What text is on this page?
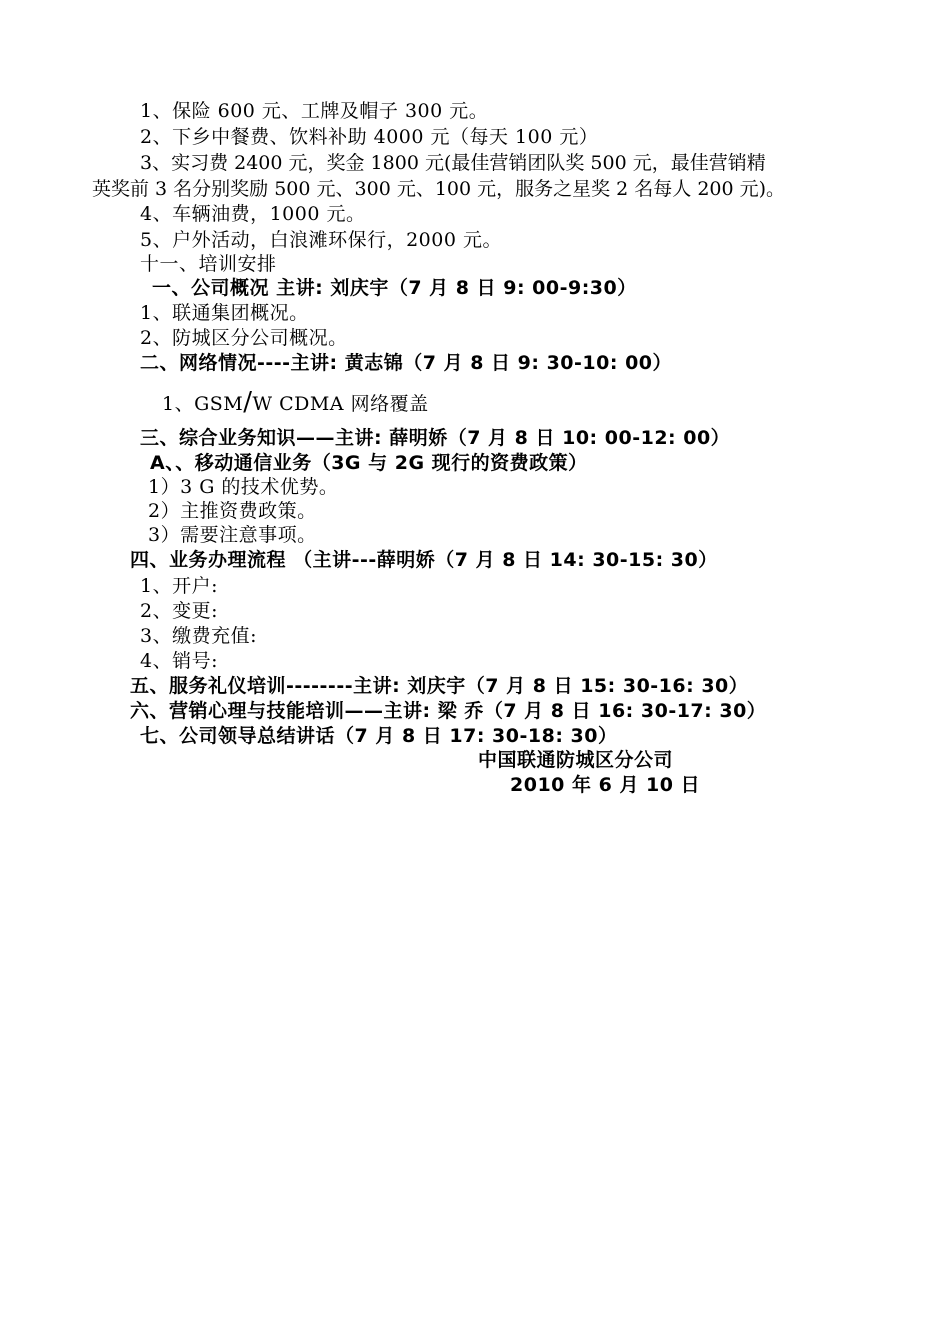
1、保险 600 元、工牌及帽子 300 元。
2、下乡中餐费、饮料补助 4000 元（每天 100 元）
3、实习费 2400 元，奖金 1800 元(最佳营销团队奖 500 元，最佳营销精
英奖前 3 名分别奖励 500 元、300 元、100 元，服务之星奖 2 名每人 200 元)。
4、车辆油费，1000 元。
5、户外活动，白浪滩环保行，2000 元。
十一、培训安排
一、公司概况 主讲: 刘庆宇（7 月 8 日 9: 00-9:30）
1、联通集团概况。
2、防城区分公司概况。
二、网络情况----主讲: 黄志锦（7 月 8 日 9: 30-10: 00）
1、GSM/W CDMA 网络覆盖
三、综合业务知识——主讲: 薛明娇（7 月 8 日 10: 00-12: 00）
A、、移动通信业务（3G 与 2G 现行的资费政策）
1）3 G 的技术优势。
2）主推资费政策。
3）需要注意事项。
四、业务办理流程 （主讲---薛明娇（7 月 8 日 14: 30-15: 30）
1、开户:
2、变更:
3、缴费充值:
4、销号:
五、服务礼仪培训--------主讲: 刘庆宇（7 月 8 日 15: 30-16: 30）
六、营销心理与技能培训——主讲: 梁 乔（7 月 8 日 16: 30-17: 30）
七、公司领导总结讲话（7 月 8 日 17: 30-18: 30）
中国联通防城区分公司
2010 年 6 月 10 日
